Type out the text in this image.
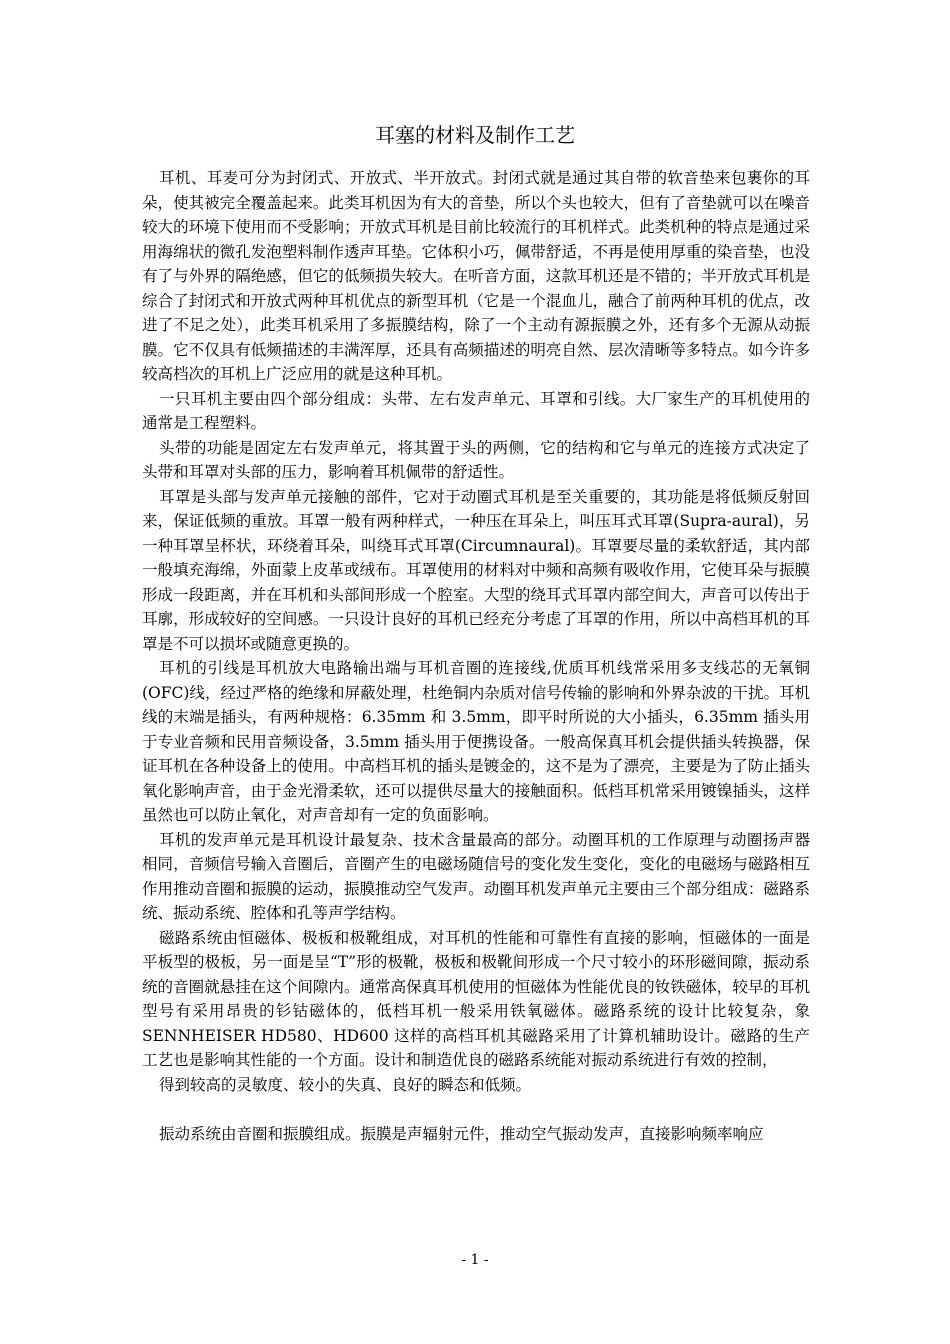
耳塞的材料及制作工艺

耳机、耳麦可分为封闭式、开放式、半开放式。封闭式就是通过其自带的软音垫来包裹你的耳朵，使其被完全覆盖起来。此类耳机因为有大的音垫，所以个头也较大，但有了音垫就可以在噪音较大的环境下使用而不受影响；开放式耳机是目前比较流行的耳机样式。此类机种的特点是通过采用海绵状的微孔发泡塑料制作透声耳垫。它体积小巧，佩带舒适，不再是使用厚重的染音垫，也没有了与外界的隔绝感，但它的低频损失较大。在听音方面，这款耳机还是不错的；半开放式耳机是综合了封闭式和开放式两种耳机优点的新型耳机（它是一个混血儿，融合了前两种耳机的优点，改进了不足之处），此类耳机采用了多振膜结构，除了一个主动有源振膜之外，还有多个无源从动振膜。它不仅具有低频描述的丰满浑厚，还具有高频描述的明亮自然、层次清晰等多特点。如今许多较高档次的耳机上广泛应用的就是这种耳机。

一只耳机主要由四个部分组成：头带、左右发声单元、耳罩和引线。大厂家生产的耳机使用的通常是工程塑料。

头带的功能是固定左右发声单元，将其置于头的两侧，它的结构和它与单元的连接方式决定了头带和耳罩对头部的压力，影响着耳机佩带的舒适性。

耳罩是头部与发声单元接触的部件，它对于动圈式耳机是至关重要的，其功能是将低频反射回来，保证低频的重放。耳罩一般有两种样式，一种压在耳朵上，叫压耳式耳罩(Supra-aural)，另一种耳罩呈杯状，环绕着耳朵，叫绕耳式耳罩(Circumnaural)。耳罩要尽量的柔软舒适，其内部一般填充海绵，外面蒙上皮革或绒布。耳罩使用的材料对中频和高频有吸收作用，它使耳朵与振膜形成一段距离，并在耳机和头部间形成一个腔室。大型的绕耳式耳罩内部空间大，声音可以传出于耳廓，形成较好的空间感。一只设计良好的耳机已经充分考虑了耳罩的作用，所以中高档耳机的耳罩是不可以损坏或随意更换的。

耳机的引线是耳机放大电路输出端与耳机音圈的连接线,优质耳机线常采用多支线芯的无氧铜(OFC)线，经过严格的绝缘和屏蔽处理，杜绝铜内杂质对信号传输的影响和外界杂波的干扰。耳机线的末端是插头，有两种规格：6.35mm 和 3.5mm，即平时所说的大小插头，6.35mm 插头用于专业音频和民用音频设备，3.5mm 插头用于便携设备。一般高保真耳机会提供插头转换器，保证耳机在各种设备上的使用。中高档耳机的插头是镀金的，这不是为了漂亮，主要是为了防止插头氧化影响声音，由于金光滑柔软，还可以提供尽量大的接触面积。低档耳机常采用镀镍插头，这样虽然也可以防止氧化，对声音却有一定的负面影响。

耳机的发声单元是耳机设计最复杂、技术含量最高的部分。动圈耳机的工作原理与动圈扬声器相同，音频信号输入音圈后，音圈产生的电磁场随信号的变化发生变化，变化的电磁场与磁路相互作用推动音圈和振膜的运动，振膜推动空气发声。动圈耳机发声单元主要由三个部分组成：磁路系统、振动系统、腔体和孔等声学结构。

磁路系统由恒磁体、极板和极靴组成，对耳机的性能和可靠性有直接的影响，恒磁体的一面是平板型的极板，另一面是呈“T”形的极靴，极板和极靴间形成一个尺寸较小的环形磁间隙，振动系统的音圈就悬挂在这个间隙内。通常高保真耳机使用的恒磁体为性能优良的钕铁磁体，较早的耳机型号有采用昂贵的钐钴磁体的，低档耳机一般采用铁氧磁体。磁路系统的设计比较复杂，象 SENNHEISER HD580、HD600 这样的高档耳机其磁路采用了计算机辅助设计。磁路的生产工艺也是影响其性能的一个方面。设计和制造优良的磁路系统能对振动系统进行有效的控制，

得到较高的灵敏度、较小的失真、良好的瞬态和低频。

振动系统由音圈和振膜组成。振膜是声辐射元件，推动空气振动发声，直接影响频率响应

- 1 -
